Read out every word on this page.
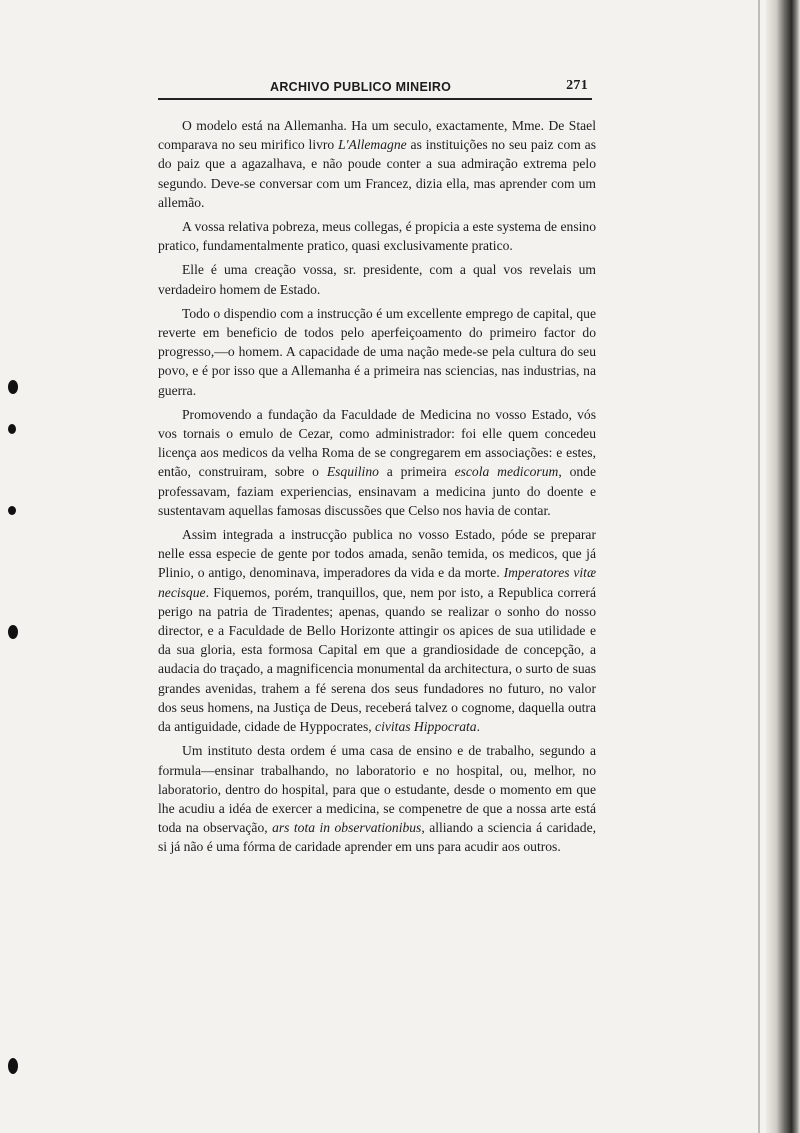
ARCHIVO PUBLICO MINEIRO	271

O modelo está na Allemanha. Ha um seculo, exactamente, Mme. De Stael comparava no seu mirifico livro L'Allemagne as instituições no seu paiz com as do paiz que a agazalhava, e não poude conter a sua admiração extrema pelo segundo. Deve-se conversar com um Francez, dizia ella, mas aprender com um allemão.

A vossa relativa pobreza, meus collegas, é propicia a este systema de ensino pratico, fundamentalmente pratico, quasi exclusivamente pratico.

Elle é uma creação vossa, sr. presidente, com a qual vos revelais um verdadeiro homem de Estado.

Todo o dispendio com a instrucção é um excellente emprego de capital, que reverte em beneficio de todos pelo aperfeiçoamento do primeiro factor do progresso,—o homem. A capacidade de uma nação mede-se pela cultura do seu povo, e é por isso que a Allemanha é a primeira nas sciencias, nas industrias, na guerra.

Promovendo a fundação da Faculdade de Medicina no vosso Estado, vós vos tornais o emulo de Cezar, como administrador: foi elle quem concedeu licença aos medicos da velha Roma de se congregarem em associações: e estes, então, construiram, sobre o Esquilino a primeira escola medicorum, onde professavam, faziam experiencias, ensinavam a medicina junto do doente e sustentavam aquellas famosas discussões que Celso nos havia de contar.

Assim integrada a instrucção publica no vosso Estado, póde se preparar nelle essa especie de gente por todos amada, senão temida, os medicos, que já Plinio, o antigo, denominava, imperadores da vida e da morte. Imperatores vitæ necisque. Fiquemos, porém, tranquillos, que, nem por isto, a Republica correrá perigo na patria de Tiradentes; apenas, quando se realizar o sonho do nosso director, e a Faculdade de Bello Horizonte attingir os apices de sua utilidade e da sua gloria, esta formosa Capital em que a grandiosidade de concepção, a audacia do traçado, a magnificencia monumental da architectura, o surto de suas grandes avenidas, trahem a fé serena dos seus fundadores no futuro, no valor dos seus homens, na Justiça de Deus, receberá talvez o cognome, daquella outra da antiguidade, cidade de Hyppocrates, civitas Hippocrata.

Um instituto desta ordem é uma casa de ensino e de trabalho, segundo a formula—ensinar trabalhando, no laboratorio e no hospital, ou, melhor, no laboratorio, dentro do hospital, para que o estudante, desde o momento em que lhe acudiu a idéa de exercer a medicina, se compenetre de que a nossa arte está toda na observação, ars tota in observationibus, alliando a sciencia á caridade, si já não é uma fórma de caridade aprender em uns para acudir aos outros.
